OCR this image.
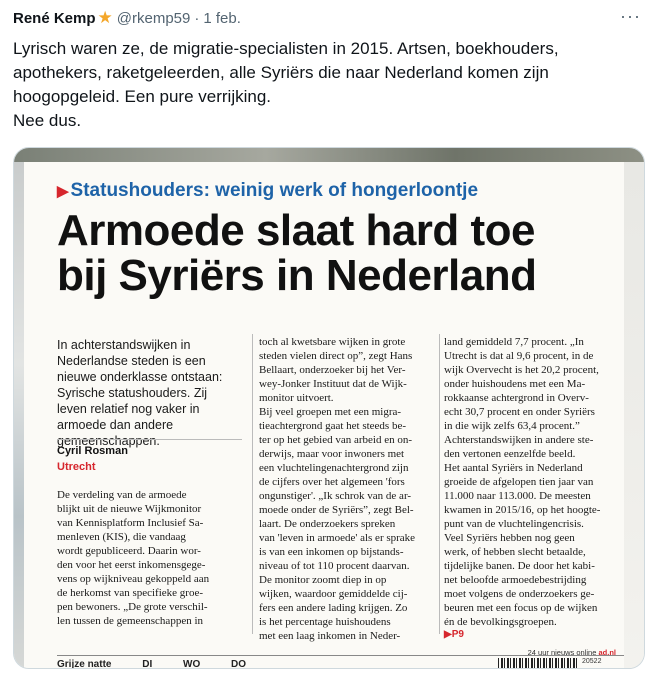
René Kemp ★ @rkemp59 · 1 feb.	···
Lyrisch waren ze, de migratie-specialisten in 2015. Artsen, boekhouders,
apothekers, raketgeleerden, alle Syriërs die naar Nederland komen zijn
hoogopgeleid. Een pure verrijking.
Nee dus.
▶ Statushouders: weinig werk of hongerloontje
Armoede slaat hard toe
bij Syriërs in Nederland
In achterstandswijken in
Nederlandse steden is een
nieuwe onderklasse ontstaan:
Syrische statushouders. Zij
leven relatief nog vaker in
armoede dan andere
gemeenschappen.
Cyril Rosman
Utrecht
De verdeling van de armoede
blijkt uit de nieuwe Wijkmonitor
van Kennisplatform Inclusief Sa-
menleven (KIS), die vandaag
wordt gepubliceerd. Daarin wor-
den voor het eerst inkomensgege-
vens op wijkniveau gekoppeld aan
de herkomst van specifieke groe-
pen bewoners. „De grote verschil-
len tussen de gemeenschappen in
toch al kwetsbare wijken in grote
steden vielen direct op”, zegt Hans
Bellaart, onderzoeker bij het Ver-
wey-Jonker Instituut dat de Wijk-
monitor uitvoert.
Bij veel groepen met een migra-
tieachtergrond gaat het steeds be-
ter op het gebied van arbeid en on-
derwijs, maar voor inwoners met
een vluchtelingenachtergrond zijn
de cijfers over het algemeen 'fors
ongunstiger'. „Ik schrok van de ar-
moede onder de Syriërs”, zegt Bel-
laart. De onderzoekers spreken
van 'leven in armoede' als er sprake
is van een inkomen op bijstands-
niveau of tot 110 procent daarvan.
De monitor zoomt diep in op
wijken, waardoor gemiddelde cij-
fers een andere lading krijgen. Zo
is het percentage huishoudens
met een laag inkomen in Neder-
land gemiddeld 7,7 procent. „In
Utrecht is dat al 9,6 procent, in de
wijk Overvecht is het 20,2 procent,
onder huishoudens met een Ma-
rokkaanse achtergrond in Overv-
echt 30,7 procent en onder Syriërs
in die wijk zelfs 63,4 procent.”
Achterstandswijken in andere ste-
den vertonen eenzelfde beeld.
Het aantal Syriërs in Nederland
groeide de afgelopen tien jaar van
11.000 naar 113.000. De meesten
kwamen in 2015/16, op het hoogte-
punt van de vluchtelingencrisis.
Veel Syriërs hebben nog geen
werk, of hebben slecht betaalde,
tijdelijke banen. De door het kabi-
net beloofde armoedebestrijding
moet volgens de onderzoekers ge-
beuren met een focus op de wijken
én de bevolkingsgroepen.
▶P9
24 uur nieuws online ad.nl
20522
Grijze natte	DI	WO	DO
